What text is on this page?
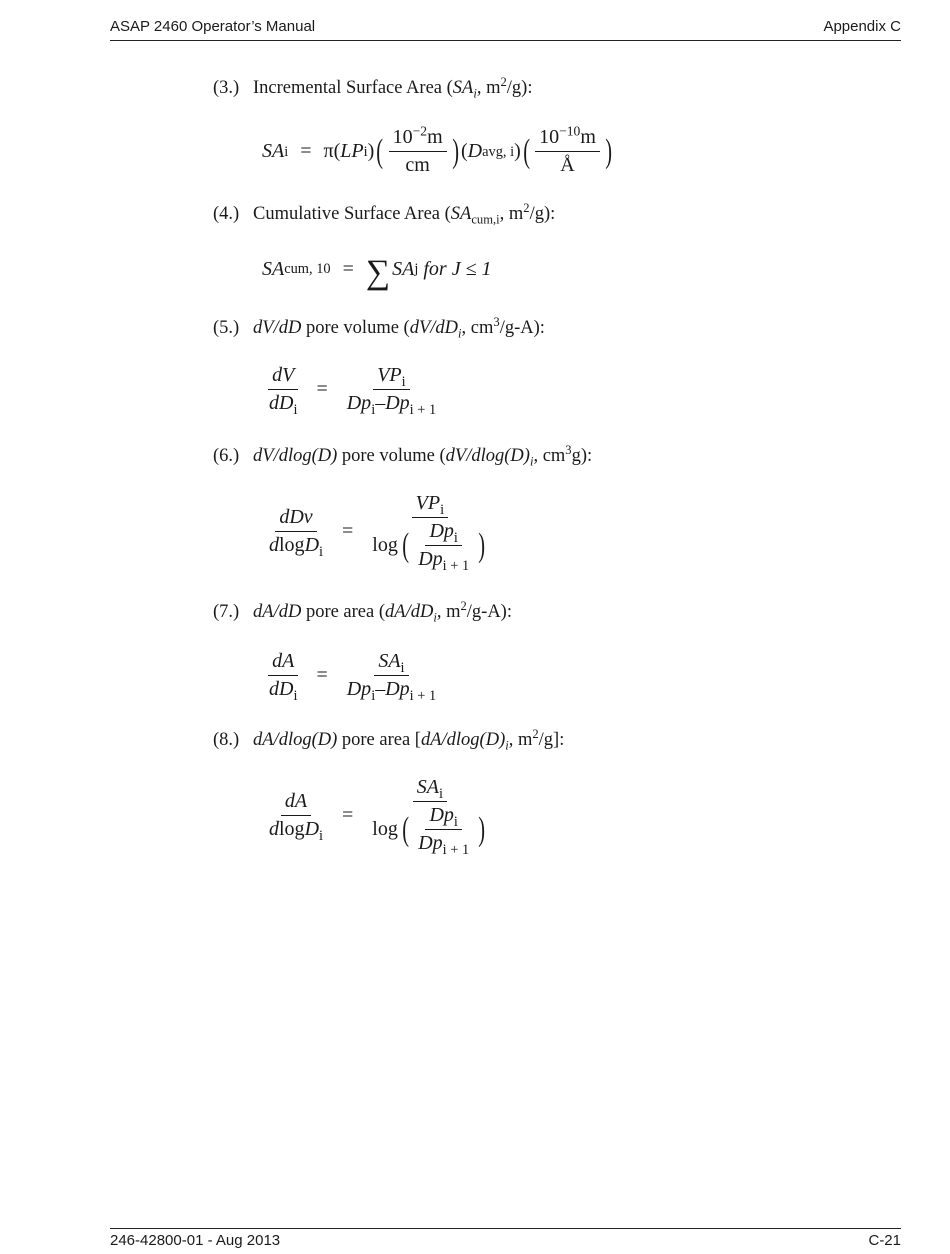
ASAP 2460 Operator’s Manual	Appendix C
(3.) Incremental Surface Area ($SA_i$, $m^2/g$):
SA i = π ( LP i ) ( $\frac{10^{-2}m}{cm}$ ) ( D avg, i ) ( $\frac{10^{-10}m}{Å}$ )
(4.) Cumulative Surface Area ($SA_{cum,i}$, $m^2/g$):
SA cum, 10 = ∑ SA j
for
J ≤ 1
(5.) dV/dD pore volume ($dV/dD_i$, $cm^3/g-A$):
$\frac{dV}{dD_i} = \frac{VP_i}{Dp_i-Dp_{i + 1}}$
(6.) dV/dlog(D) pore volume ($dV/dlog(D)_i$, $cm^3g$):
$\frac{\text{dDv}}{dlogD_i} = \frac{VP_i}{\log ( \frac{Dp_i}{Dp_{i + 1}} )}$
(7.) dA/dD pore area ($dA/dD_i$, $m^2/g-A$):
$\frac{dA}{dD_i} = \frac{SA_i}{Dp_i-Dp_{i + 1}}$
(8.) dA/dlog(D) pore area [$dA/dlog(D)_i$, $m^2/g$]:
$\frac{dA}{dlogD_i} = \frac{SA_i}{\log ( \frac{Dp_i}{Dp_{i + 1}} )}$
246-42800-01 - Aug 2013	C-21
